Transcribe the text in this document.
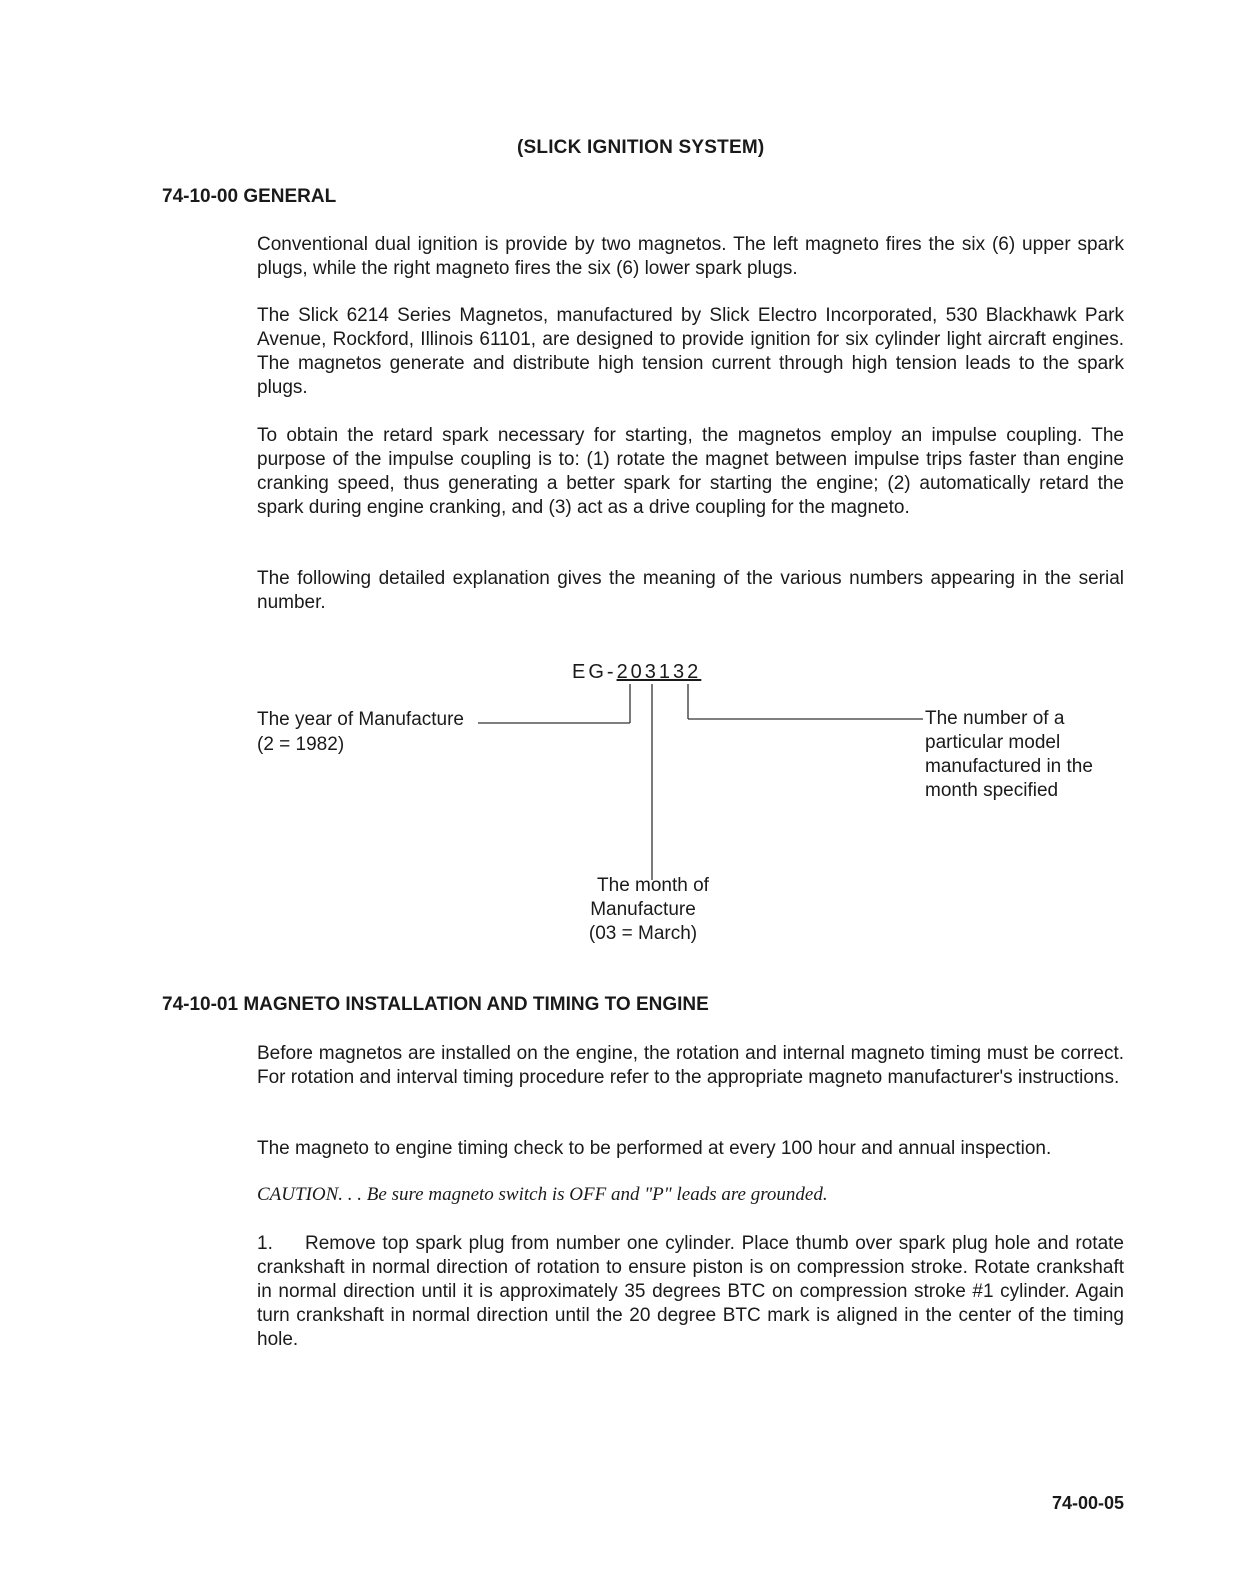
(SLICK IGNITION SYSTEM)
74-10-00 GENERAL

Conventional dual ignition is provide by two magnetos. The left magneto fires the six (6) upper spark plugs, while the right magneto fires the six (6) lower spark plugs.

The Slick 6214 Series Magnetos, manufactured by Slick Electro Incorporated, 530 Blackhawk Park Avenue, Rockford, Illinois 61101, are designed to provide ignition for six cylinder light aircraft engines. The magnetos generate and distribute high tension current through high tension leads to the spark plugs.

To obtain the retard spark necessary for starting, the magnetos employ an impulse coupling. The purpose of the impulse coupling is to: (1) rotate the magnet between impulse trips faster than engine cranking speed, thus generating a better spark for starting the engine; (2) automatically retard the spark during engine cranking, and (3) act as a drive coupling for the magneto.

The following detailed explanation gives the meaning of the various numbers appearing in the serial number.

EG-203132
The year of Manufacture
(2 = 1982)
The number of a
particular model
manufactured in the
month specified
The month of
Manufacture
(03 = March)
74-10-01 MAGNETO INSTALLATION AND TIMING TO ENGINE

Before magnetos are installed on the engine, the rotation and internal magneto timing must be correct. For rotation and interval timing procedure refer to the appropriate magneto manufacturer's instructions.

The magneto to engine timing check to be performed at every 100 hour and annual inspection.

CAUTION. . . Be sure magneto switch is OFF and "P" leads are grounded.
1. Remove top spark plug from number one cylinder. Place thumb over spark plug hole and rotate crankshaft in normal direction of rotation to ensure piston is on compression stroke. Rotate crankshaft in normal direction until it is approximately 35 degrees BTC on compression stroke #1 cylinder. Again turn crankshaft in normal direction until the 20 degree BTC mark is aligned in the center of the timing hole.
74-00-05
